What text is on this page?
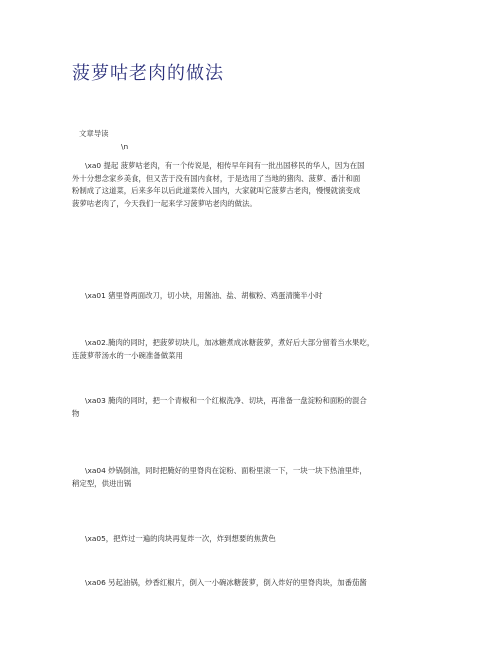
菠萝咕老肉的做法
文章导读
\n
\xa0 提起 菠萝咕老肉，有一个传说是，相传早年间有一批出国移民的华人，因为在国
外十分想念家乡美食，但又苦于没有国内食材，于是选用了当地的猪肉、菠萝、番汁和面
粉制成了这道菜，后来多年以后此道菜传入国内，大家就叫它菠萝古老肉，慢慢就演变成
菠萝咕老肉了，今天我们一起来学习菠萝咕老肉的做法。
\xa01 猪里脊两面改刀，切小块，用酱油、盐、胡椒粉、鸡蛋清腌半小时
\xa02.腌肉的同时，把菠萝切块儿，加冰糖煮成冰糖菠萝，煮好后大部分留着当水果吃，
连菠萝带汤水的一小碗准备做菜用
\xa03 腌肉的同时，把一个青椒和一个红椒洗净、切块，再准备一盘淀粉和面粉的混合
物
\xa04 炒锅倒油，同时把腌好的里脊肉在淀粉、面粉里滚一下，一块一块下热油里炸，
稍定型，供进出锅
\xa05，把炸过一遍的肉块再复炸一次，炸到想要的焦黄色
\xa06 另起油锅，炒香红椒片，倒入一小碗冰糖菠萝，倒入炸好的里脊肉块，加番茄酱
